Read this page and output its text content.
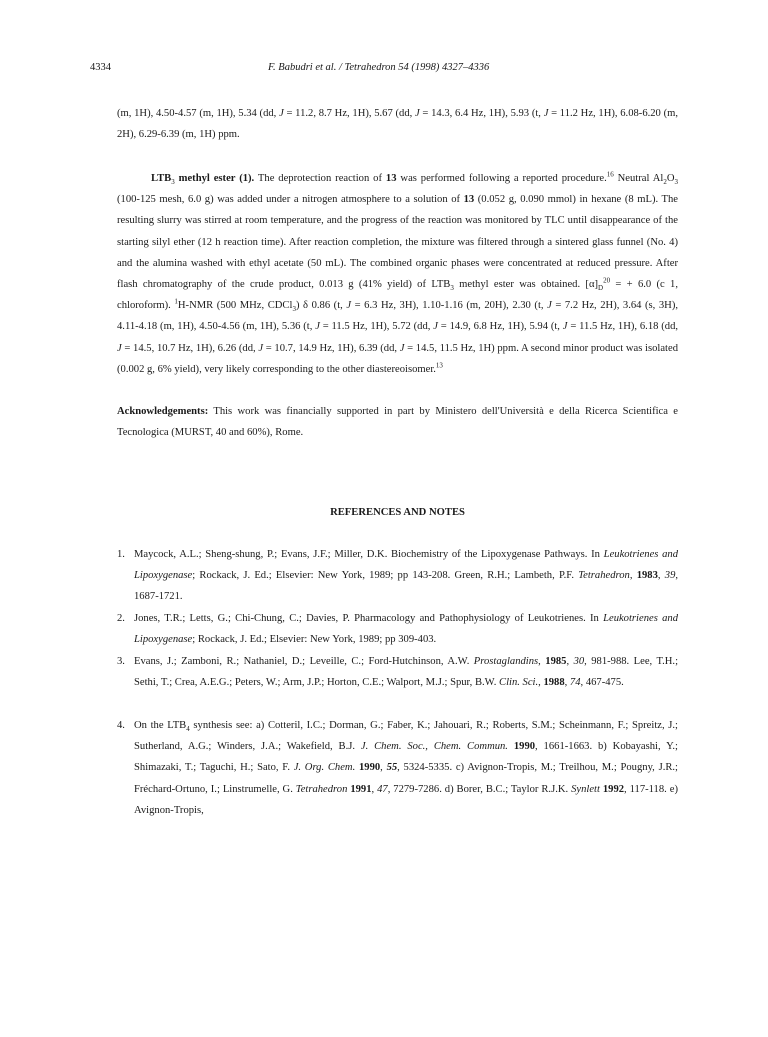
4334	F. Babudri et al. / Tetrahedron 54 (1998) 4327–4336
(m, 1H), 4.50-4.57 (m, 1H), 5.34 (dd, J = 11.2, 8.7 Hz, 1H), 5.67 (dd, J = 14.3, 6.4 Hz, 1H), 5.93 (t, J = 11.2 Hz, 1H), 6.08-6.20 (m, 2H), 6.29-6.39 (m, 1H) ppm.

$LTB_3$ methyl ester (1). The deprotection reaction of 13 was performed following a reported procedure.$^{16}$ Neutral $Al_2O_3$ (100-125 mesh, 6.0 g) was added under a nitrogen atmosphere to a solution of 13 (0.052 g, 0.090 mmol) in hexane (8 mL). The resulting slurry was stirred at room temperature, and the progress of the reaction was monitored by TLC until disappearance of the starting silyl ether (12 h reaction time). After reaction completion, the mixture was filtered through a sintered glass funnel (No. 4) and the alumina washed with ethyl acetate (50 mL). The combined organic phases were concentrated at reduced pressure. After flash chromatography of the crude product, 0.013 g (41% yield) of $LTB_3$ methyl ester was obtained. $[\alpha]_D^{20}$ = + 6.0 (c 1, chloroform). $^1$H-NMR (500 MHz, CDCl$_3$) δ 0.86 (t, J = 6.3 Hz, 3H), 1.10-1.16 (m, 20H), 2.30 (t, J = 7.2 Hz, 2H), 3.64 (s, 3H), 4.11-4.18 (m, 1H), 4.50-4.56 (m, 1H), 5.36 (t, J = 11.5 Hz, 1H), 5.72 (dd, J = 14.9, 6.8 Hz, 1H), 5.94 (t, J = 11.5 Hz, 1H), 6.18 (dd, J = 14.5, 10.7 Hz, 1H), 6.26 (dd, J = 10.7, 14.9 Hz, 1H), 6.39 (dd, J = 14.5, 11.5 Hz, 1H) ppm. A second minor product was isolated (0.002 g, 6% yield), very likely corresponding to the other diastereoisomer.$^{13}$

Acknowledgements: This work was financially supported in part by Ministero dell'Università e della Ricerca Scientifica e Tecnologica (MURST, 40 and 60%), Rome.

REFERENCES AND NOTES
1. Maycock, A.L.; Sheng-shung, P.; Evans, J.F.; Miller, D.K. Biochemistry of the Lipoxygenase Pathways. In Leukotrienes and Lipoxygenase; Rockack, J. Ed.; Elsevier: New York, 1989; pp 143-208. Green, R.H.; Lambeth, P.F. Tetrahedron, 1983, 39, 1687-1721.
2. Jones, T.R.; Letts, G.; Chi-Chung, C.; Davies, P. Pharmacology and Pathophysiology of Leukotrienes. In Leukotrienes and Lipoxygenase; Rockack, J. Ed.; Elsevier: New York, 1989; pp 309-403.
3. Evans, J.; Zamboni, R.; Nathaniel, D.; Leveille, C.; Ford-Hutchinson, A.W. Prostaglandins, 1985, 30, 981-988. Lee, T.H.; Sethi, T.; Crea, A.E.G.; Peters, W.; Arm, J.P.; Horton, C.E.; Walport, M.J.; Spur, B.W. Clin. Sci., 1988, 74, 467-475.
4. On the $LTB_4$ synthesis see: a) Cotteril, I.C.; Dorman, G.; Faber, K.; Jahouari, R.; Roberts, S.M.; Scheinmann, F.; Spreitz, J.; Sutherland, A.G.; Winders, J.A.; Wakefield, B.J. J. Chem. Soc., Chem. Commun. 1990, 1661-1663. b) Kobayashi, Y.; Shimazaki, T.; Taguchi, H.; Sato, F. J. Org. Chem. 1990, 55, 5324-5335. c) Avignon-Tropis, M.; Treilhou, M.; Pougny, J.R.; Fréchard-Ortuno, I.; Linstrumelle, G. Tetrahedron 1991, 47, 7279-7286. d) Borer, B.C.; Taylor R.J.K. Synlett 1992, 117-118. e) Avignon-Tropis,
